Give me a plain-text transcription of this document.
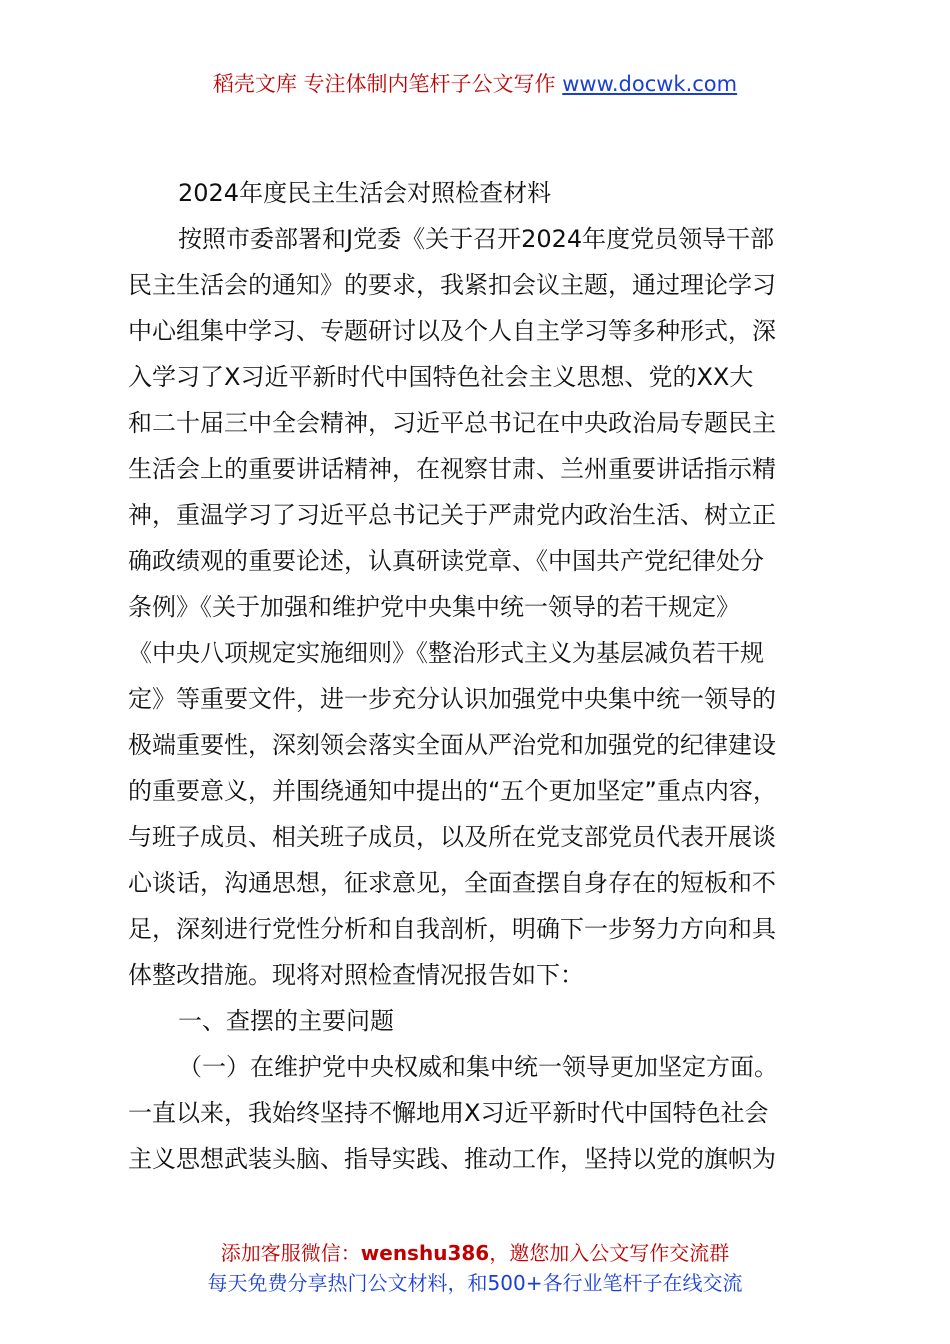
稻壳文库 专注体制内笔杆子公文写作 www.docwk.com
2024年度民主生活会对照检查材料
按照市委部署和J党委《关于召开2024年度党员领导干部
民主生活会的通知》的要求，我紧扣会议主题，通过理论学习
中心组集中学习、专题研讨以及个人自主学习等多种形式，深
入学习了X习近平新时代中国特色社会主义思想、党的XX大
和二十届三中全会精神，习近平总书记在中央政治局专题民主
生活会上的重要讲话精神，在视察甘肃、兰州重要讲话指示精
神，重温学习了习近平总书记关于严肃党内政治生活、树立正
确政绩观的重要论述，认真研读党章、《中国共产党纪律处分
条例》《关于加强和维护党中央集中统一领导的若干规定》
《中央八项规定实施细则》《整治形式主义为基层减负若干规
定》等重要文件，进一步充分认识加强党中央集中统一领导的
极端重要性，深刻领会落实全面从严治党和加强党的纪律建设
的重要意义，并围绕通知中提出的“五个更加坚定”重点内容，
与班子成员、相关班子成员，以及所在党支部党员代表开展谈
心谈话，沟通思想，征求意见，全面查摆自身存在的短板和不
足，深刻进行党性分析和自我剖析，明确下一步努力方向和具
体整改措施。现将对照检查情况报告如下：
一、查摆的主要问题
（一）在维护党中央权威和集中统一领导更加坚定方面。
一直以来，我始终坚持不懈地用X习近平新时代中国特色社会
主义思想武装头脑、指导实践、推动工作，坚持以党的旗帜为
添加客服微信：wenshu386，邀您加入公文写作交流群
每天免费分享热门公文材料，和500+各行业笔杆子在线交流
